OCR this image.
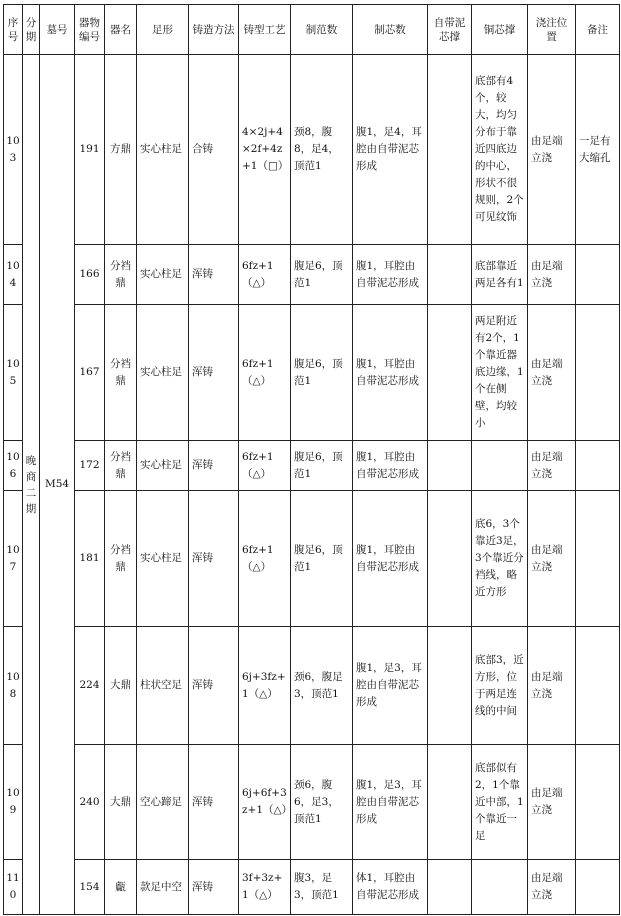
序号	分期	墓号	器物编号	器名	足形	铸造方法	铸型工艺	制范数	制芯数	自带泥芯撑	铜芯撑	浇注位置	备注
103	晚商二期	M54	191	方鼎	实心柱足	合铸	4×2j+4×2f+4z+1（□）	颈8，腹8，足4，顶范1	腹1，足4，耳腔由自带泥芯形成		底部有4个，较大，均匀分布于靠近四底边的中心，形状不很规则，2个可见纹饰	由足端立浇	一足有大缩孔
104			166	分裆鼎	实心柱足	浑铸	6fz+1（△）	腹足6，顶范1	腹1，耳腔由自带泥芯形成		底部靠近两足各有1	由足端立浇	
105			167	分裆鼎	实心柱足	浑铸	6fz+1（△）	腹足6，顶范1	腹1，耳腔由自带泥芯形成		两足附近有2个，1个靠近器底边缘，1个在侧壁，均较小	由足端立浇	
106			172	分裆鼎	实心柱足	浑铸	6fz+1（△）	腹足6，顶范1	腹1，耳腔由自带泥芯形成			由足端立浇	
107			181	分裆鼎	实心柱足	浑铸	6fz+1（△）	腹足6，顶范1	腹1，耳腔由自带泥芯形成		底6，3个靠近3足，3个靠近分裆线，略近方形	由足端立浇	
108			224	大鼎	柱状空足	浑铸	6j+3fz+1（△）	颈6，腹足3，顶范1	腹1，足3，耳腔由自带泥芯形成		底部3，近方形，位于两足连线的中间	由足端立浇	
109			240	大鼎	空心蹄足	浑铸	6j+6f+3z+1（△）	颈6，腹6，足3，顶范1	腹1，足3，耳腔由自带泥芯形成		底部似有2，1个靠近中部，1个靠近一足	由足端立浇	
110			154	甗	款足中空	浑铸	3f+3z+1（△）	腹3，足3，顶范1	体1，耳腔由自带泥芯形成			由足端立浇	
